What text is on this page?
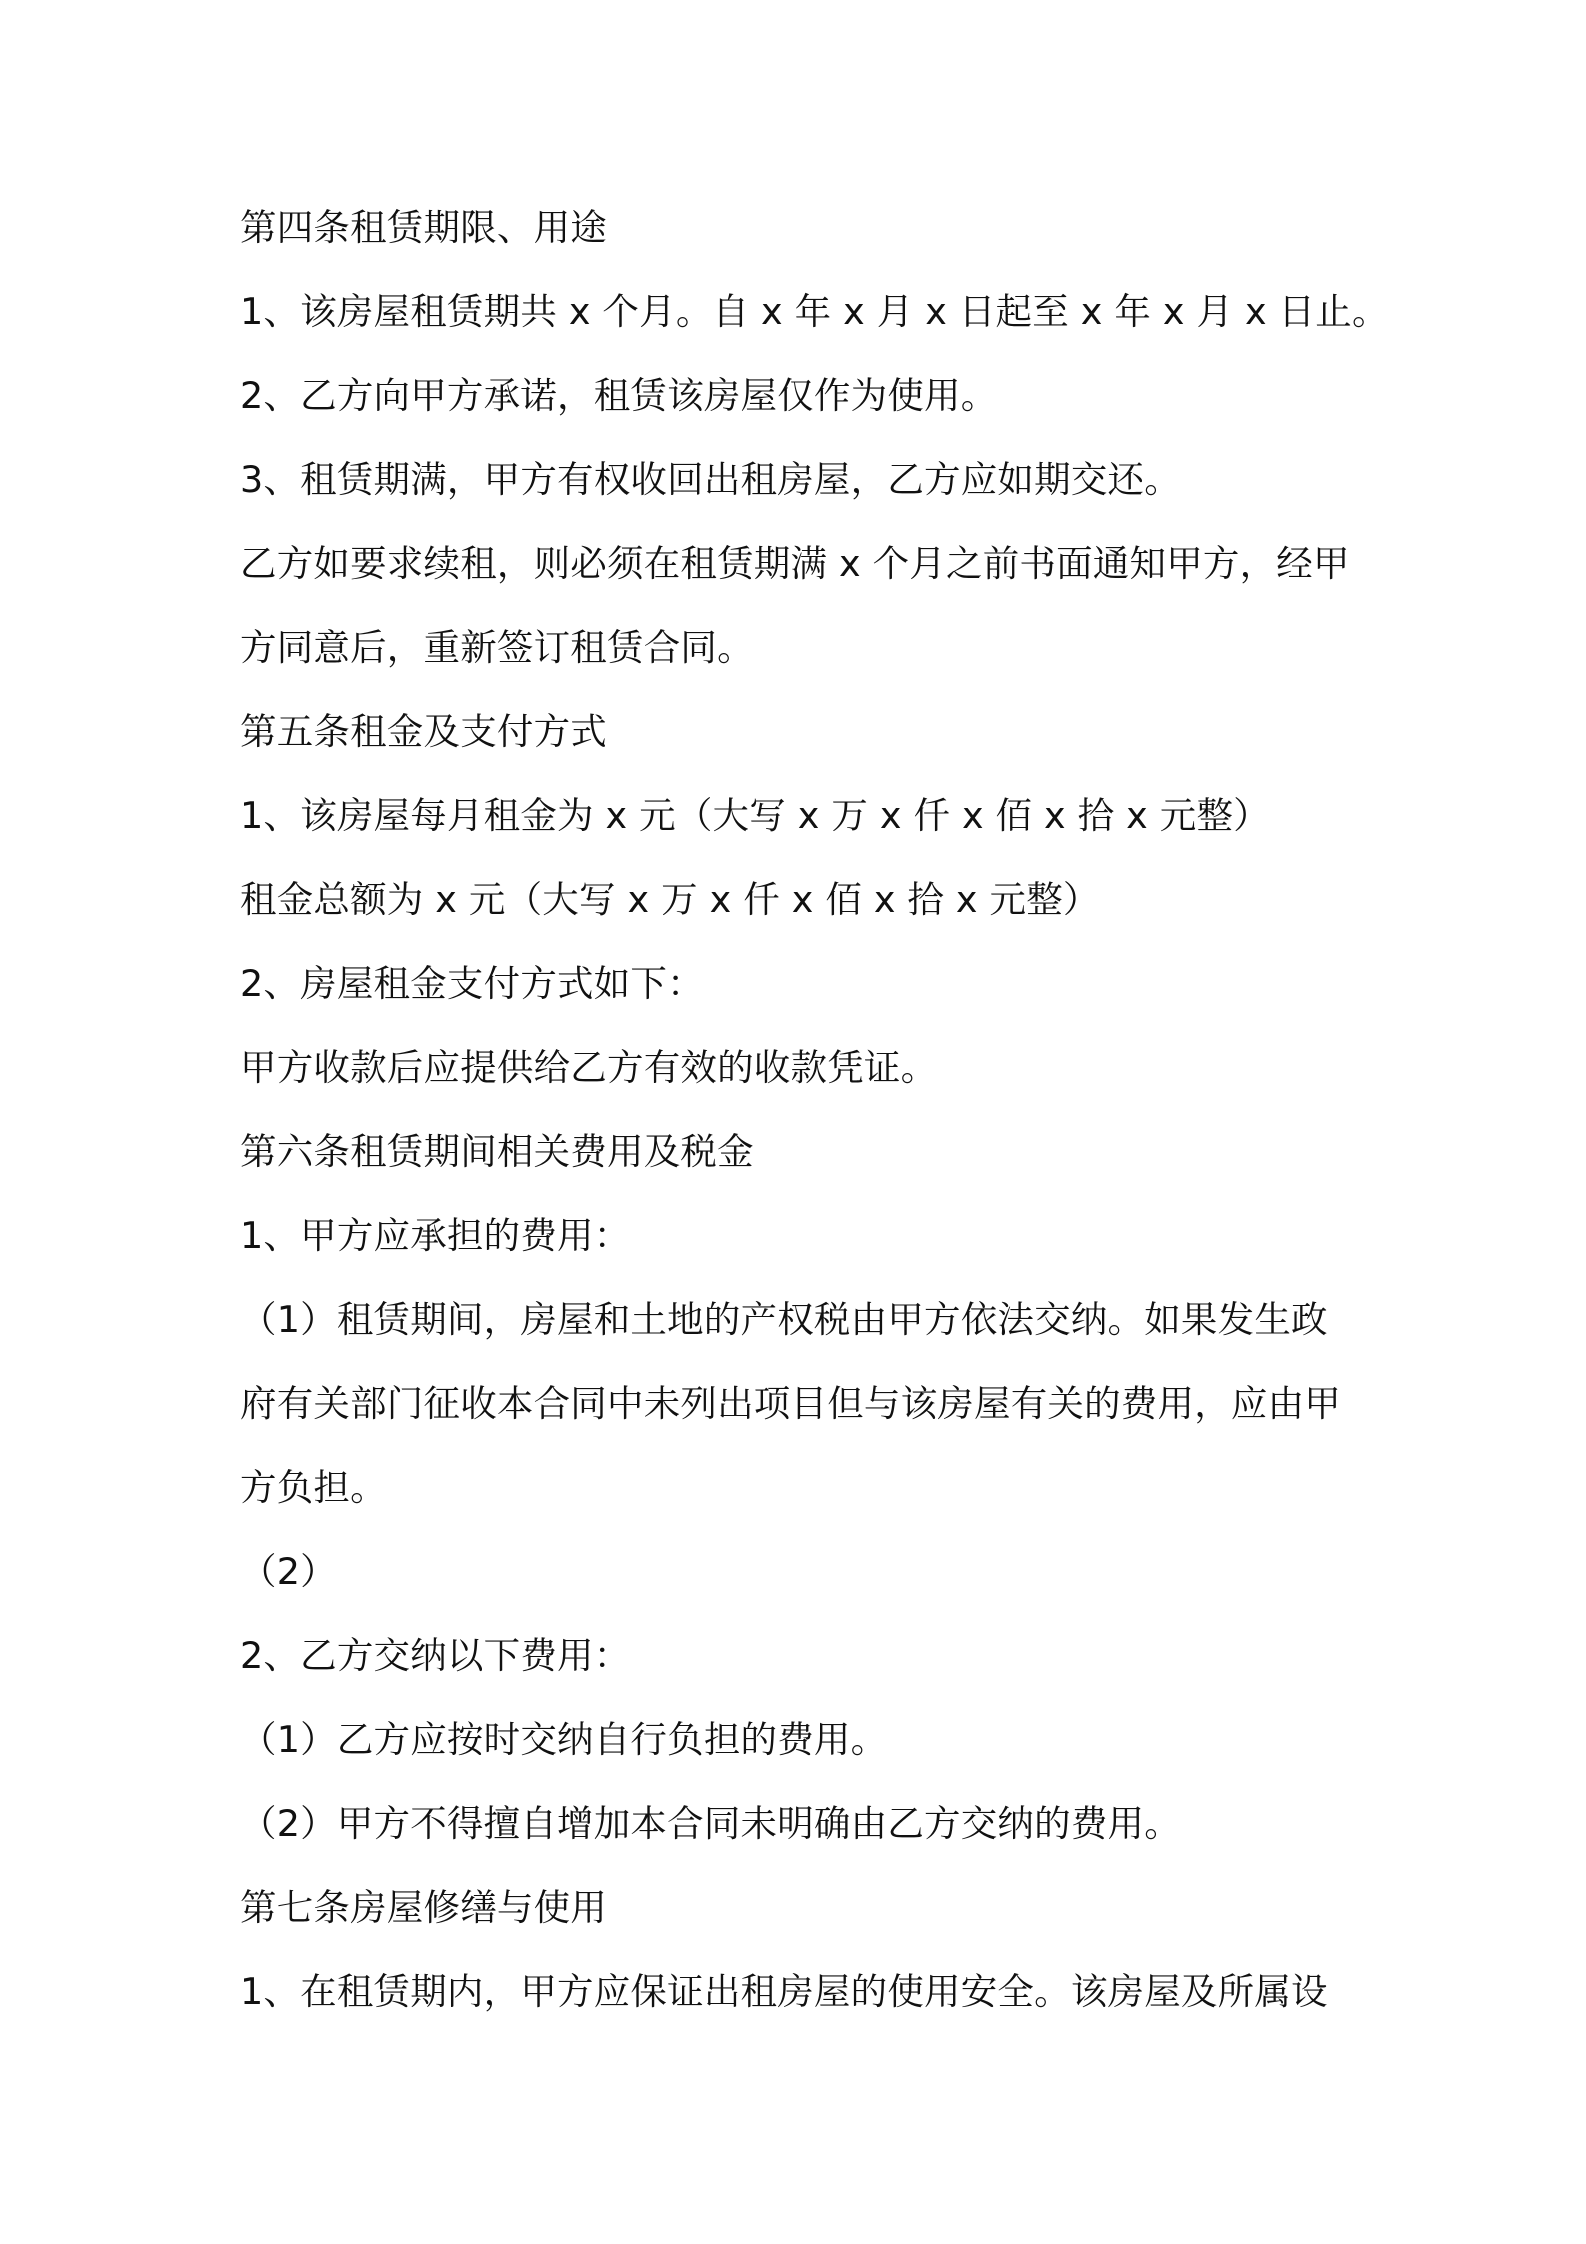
第四条租赁期限、用途
1、该房屋租赁期共 x 个月。自 x 年 x 月 x 日起至 x 年 x 月 x 日止。
2、乙方向甲方承诺，租赁该房屋仅作为使用。
3、租赁期满，甲方有权收回出租房屋，乙方应如期交还。
乙方如要求续租，则必须在租赁期满 x 个月之前书面通知甲方，经甲
方同意后，重新签订租赁合同。
第五条租金及支付方式
1、该房屋每月租金为 x 元（大写 x 万 x 仟 x 佰 x 拾 x 元整）
租金总额为 x 元（大写 x 万 x 仟 x 佰 x 拾 x 元整）
2、房屋租金支付方式如下：
甲方收款后应提供给乙方有效的收款凭证。
第六条租赁期间相关费用及税金
1、甲方应承担的费用：
（1）租赁期间，房屋和土地的产权税由甲方依法交纳。如果发生政
府有关部门征收本合同中未列出项目但与该房屋有关的费用，应由甲
方负担。
（2）
2、乙方交纳以下费用：
（1）乙方应按时交纳自行负担的费用。
（2）甲方不得擅自增加本合同未明确由乙方交纳的费用。
第七条房屋修缮与使用
1、在租赁期内，甲方应保证出租房屋的使用安全。该房屋及所属设
